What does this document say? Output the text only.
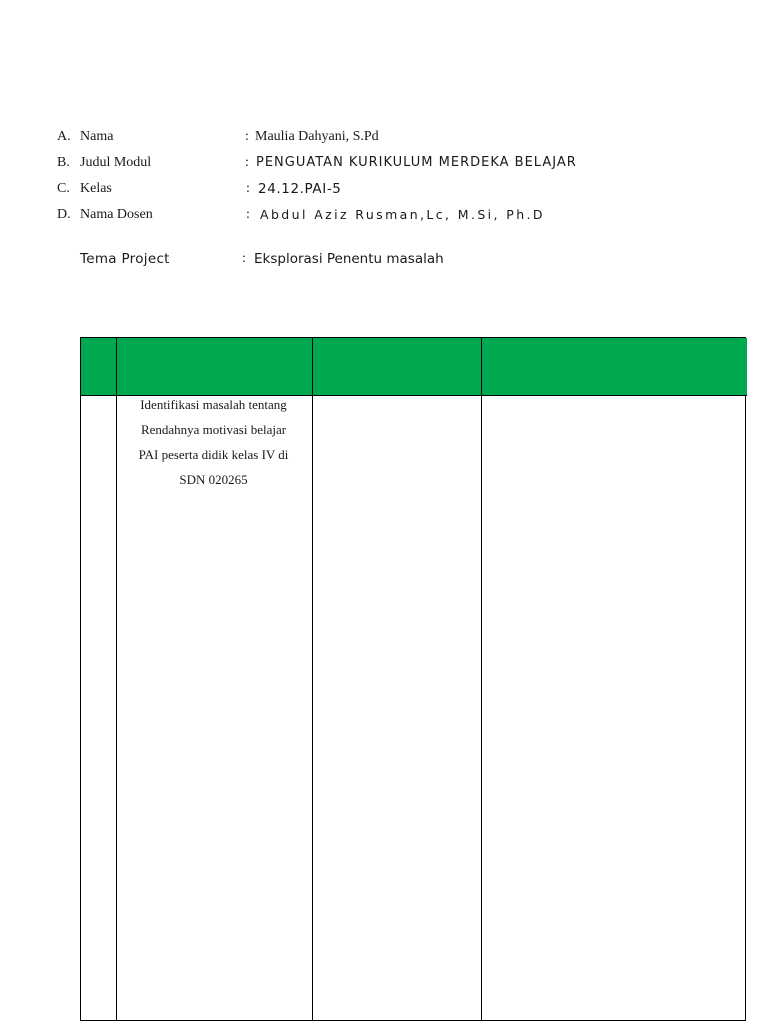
A. Nama	: Maulia Dahyani, S.Pd
B. Judul Modul	: PENGUATAN KURIKULUM MERDEKA BELAJAR
C. Kelas	: 24.12.PAI-5
D. Nama Dosen	: Abdul Aziz Rusman,Lc, M.Si, Ph.D
Tema Project	: Eksplorasi Penentu masalah
Identifikasi masalah tentang
Rendahnya motivasi belajar
PAI peserta didik kelas IV di
SDN 020265
